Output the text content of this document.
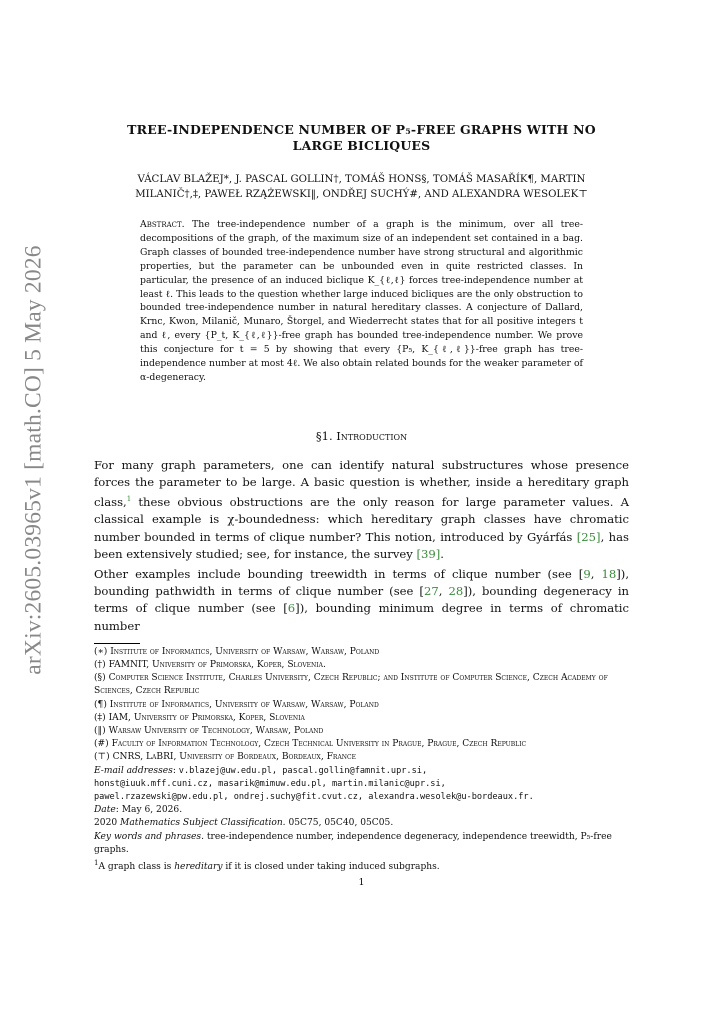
arXiv:2605.03965v1 [math.CO] 5 May 2026
TREE-INDEPENDENCE NUMBER OF P₅-FREE GRAPHS WITH NO
LARGE BICLIQUES
VÁCLAV BLAŽEJ*, J. PASCAL GOLLIN†, TOMÁŠ HONS§, TOMÁŠ MASAŘÍK¶, MARTIN
MILANIČ†,‡, PAWEŁ RZĄŻEWSKI‖, ONDŘEJ SUCHÝ#, AND ALEXANDRA WESOLEK⊤
Abstract. The tree-independence number of a graph is the minimum, over all tree-decompositions of the graph, of the maximum size of an independent set contained in a bag. Graph classes of bounded tree-independence number have strong structural and algorithmic properties, but the parameter can be unbounded even in quite restricted classes. In particular, the presence of an induced biclique K_{ℓ,ℓ} forces tree-independence number at least ℓ. This leads to the question whether large induced bicliques are the only obstruction to bounded tree-independence number in natural hereditary classes. A conjecture of Dallard, Krnc, Kwon, Milanič, Munaro, Štorgel, and Wiederrecht states that for all positive integers t and ℓ, every {P_t, K_{ℓ,ℓ}}-free graph has bounded tree-independence number. We prove this conjecture for t = 5 by showing that every {P₅, K_{ℓ,ℓ}}-free graph has tree-independence number at most 4ℓ. We also obtain related bounds for the weaker parameter of α-degeneracy.
§1. Introduction

For many graph parameters, one can identify natural substructures whose presence forces the parameter to be large. A basic question is whether, inside a hereditary graph class,$^1$ these obvious obstructions are the only reason for large parameter values. A classical example is χ-boundedness: which hereditary graph classes have chromatic number bounded in terms of clique number? This notion, introduced by Gyárfás [25], has been extensively studied; see, for instance, the survey [39].

Other examples include bounding treewidth in terms of clique number (see [9, 18]), bounding pathwidth in terms of clique number (see [27, 28]), bounding degeneracy in terms of clique number (see [6]), bounding minimum degree in terms of chromatic number

(∗) Institute of Informatics, University of Warsaw, Warsaw, Poland
(†) FAMNIT, University of Primorska, Koper, Slovenia.
(§) Computer Science Institute, Charles University, Czech Republic; and Institute of Computer Science, Czech Academy of Sciences, Czech Republic
(¶) Institute of Informatics, University of Warsaw, Warsaw, Poland
(‡) IAM, University of Primorska, Koper, Slovenia
(‖) Warsaw University of Technology, Warsaw, Poland
(#) Faculty of Information Technology, Czech Technical University in Prague, Prague, Czech Republic
(⊤) CNRS, LaBRI, University of Bordeaux, Bordeaux, France
E-mail addresses: v.blazej@uw.edu.pl, pascal.gollin@famnit.upr.si,
honst@iuuk.mff.cuni.cz, masarik@mimuw.edu.pl, martin.milanic@upr.si,
pawel.rzazewski@pw.edu.pl, ondrej.suchy@fit.cvut.cz, alexandra.wesolek@u-bordeaux.fr.
Date: May 6, 2026.
2020 Mathematics Subject Classification. 05C75, 05C40, 05C05.
Key words and phrases. tree-independence number, independence degeneracy, independence treewidth, P₅-free graphs.
$^1$A graph class is hereditary if it is closed under taking induced subgraphs.
1
